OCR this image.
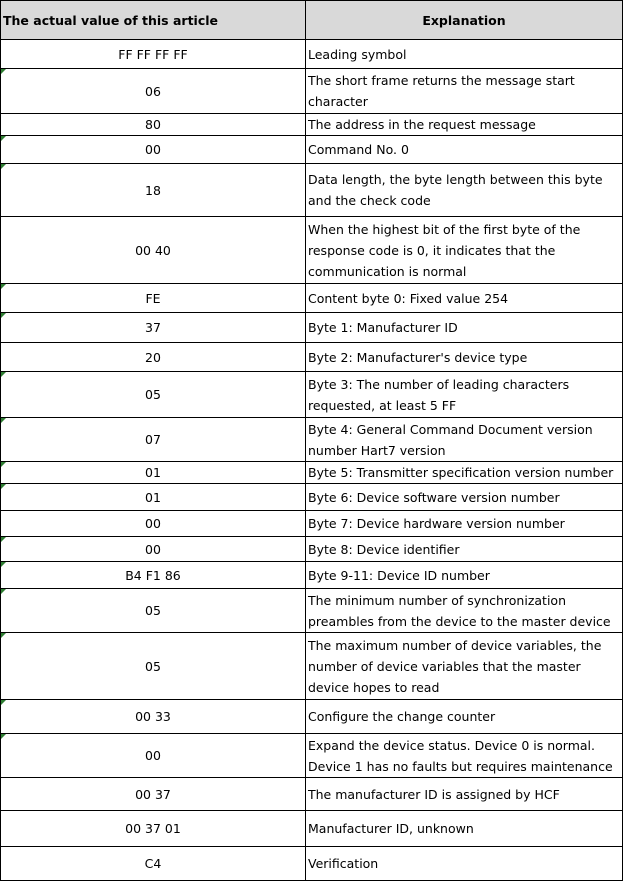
The actual value of this article	Explanation
FF FF FF FF	Leading symbol
06	The short frame returns the message start character
80	The address in the request message
00	Command No. 0
18	Data length, the byte length between this byte and the check code
00 40	When the highest bit of the first byte of the response code is 0, it indicates that the communication is normal
FE	Content byte 0: Fixed value 254
37	Byte 1: Manufacturer ID
20	Byte 2: Manufacturer's device type
05	Byte 3: The number of leading characters requested, at least 5 FF
07	Byte 4: General Command Document version number Hart7 version
01	Byte 5: Transmitter specification version number
01	Byte 6: Device software version number
00	Byte 7: Device hardware version number
00	Byte 8: Device identifier
B4 F1 86	Byte 9-11: Device ID number
05	The minimum number of synchronization preambles from the device to the master device
05	The maximum number of device variables, the number of device variables that the master device hopes to read
00 33	Configure the change counter
00	Expand the device status. Device 0 is normal. Device 1 has no faults but requires maintenance
00 37	The manufacturer ID is assigned by HCF
00 37 01	Manufacturer ID, unknown
C4	Verification
